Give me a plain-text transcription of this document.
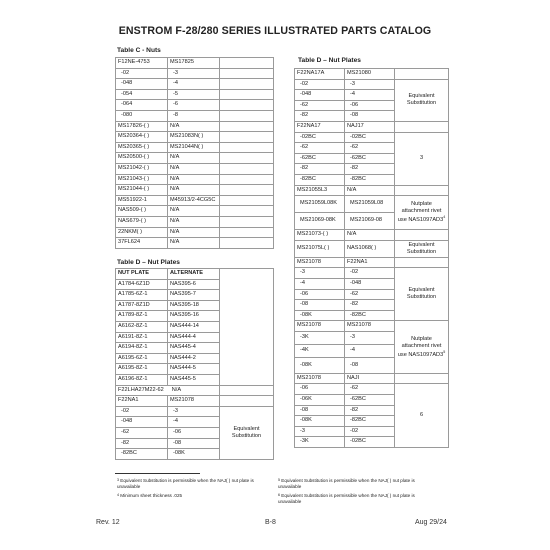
ENSTROM F-28/280 SERIES ILLUSTRATED PARTS CATALOG
Table C - Nuts
F12NE-4753	MS17825	
-02	-3	
-048	-4	
-054	-5	
-064	-6	
-080	-8	
MS17826-( )	N/A	
MS20364-( )	MS21083N( )	
MS20365-( )	MS21044N( )	
MS20500-( )	N/A	
MS21042-( )	N/A	
MS21043-( )	N/A	
MS21044-( )	N/A	
MS51922-1	M45913/2-4CG5C	
NAS509-( )	N/A	
NAS679-( )	N/A	
22NKM( )	N/A	
37FL624	N/A	
Table D – Nut Plates
NUT PLATE	ALTERNATE	
A1784-6Z1D	NAS395-6	
A1785-6Z-1	NAS395-7	
A1787-8Z1D	NAS395-18	
A1789-8Z-1	NAS395-16	
A6162-8Z-1	NAS444-14	
A6191-8Z-1	NAS444-4	
A6194-8Z-1	NAS445-4	
A6195-6Z-1	NAS444-2	
A6195-8Z-1	NAS444-5	
A6196-8Z-1	NAS445-5	
F22LHA27M22-62 N/A		
F22NA1	MS21078	
-02	-3	Equivalent Substitution
-048	-4	
-62	-06	
-82	-08	
-82BC	-08K	
Table D – Nut Plates
F22NA17A	MS21080	
-02	-3	Equivalent Substitution
-048	-4	
-62	-06	
-82	-08	
F22NA17	NAJ17	
-02BC	-02BC	3
-62	-62	
-62BC	-62BC	
-82	-82	
-82BC	-82BC	
MS21055L3	N/A	
MS21059L08K	MS21059L08	Nutplate attachment rivet use $NAS1097AD3^4$
MS21069-08K	MS21069-08	
MS21073-( )	N/A	
MS21075L( )	NAS1068( )	Equivalent Substitution
MS21078	F22NA1	
-3	-02	Equivalent Substitution
-4	-048	
-06	-62	
-08	-82	
-08K	-82BC	
MS21078	MS21078	Nutplate attachment rivet use $NAS1097AD3^5$
-3K	-3	
-4K	-4	
-08K	-08	
MS21078	NAJI	
-06	-62	6
-06K	-62BC	
-08	-82	
-08K	-82BC	
-3	-02	
-3K	-02BC	
$^3$ Equivalent Substitution is permissible when the NAJ( ) nut plate is unavailable
$^4$ Minimum sheet thickness .025
$^5$ Equivalent Substitution is permissible when the NAJ( ) nut plate is unavailable
$^6$ Equivalent Substitution is permissible when the NAJ( ) nut plate is unavailable
Rev. 12	B-8	Aug 29/24
